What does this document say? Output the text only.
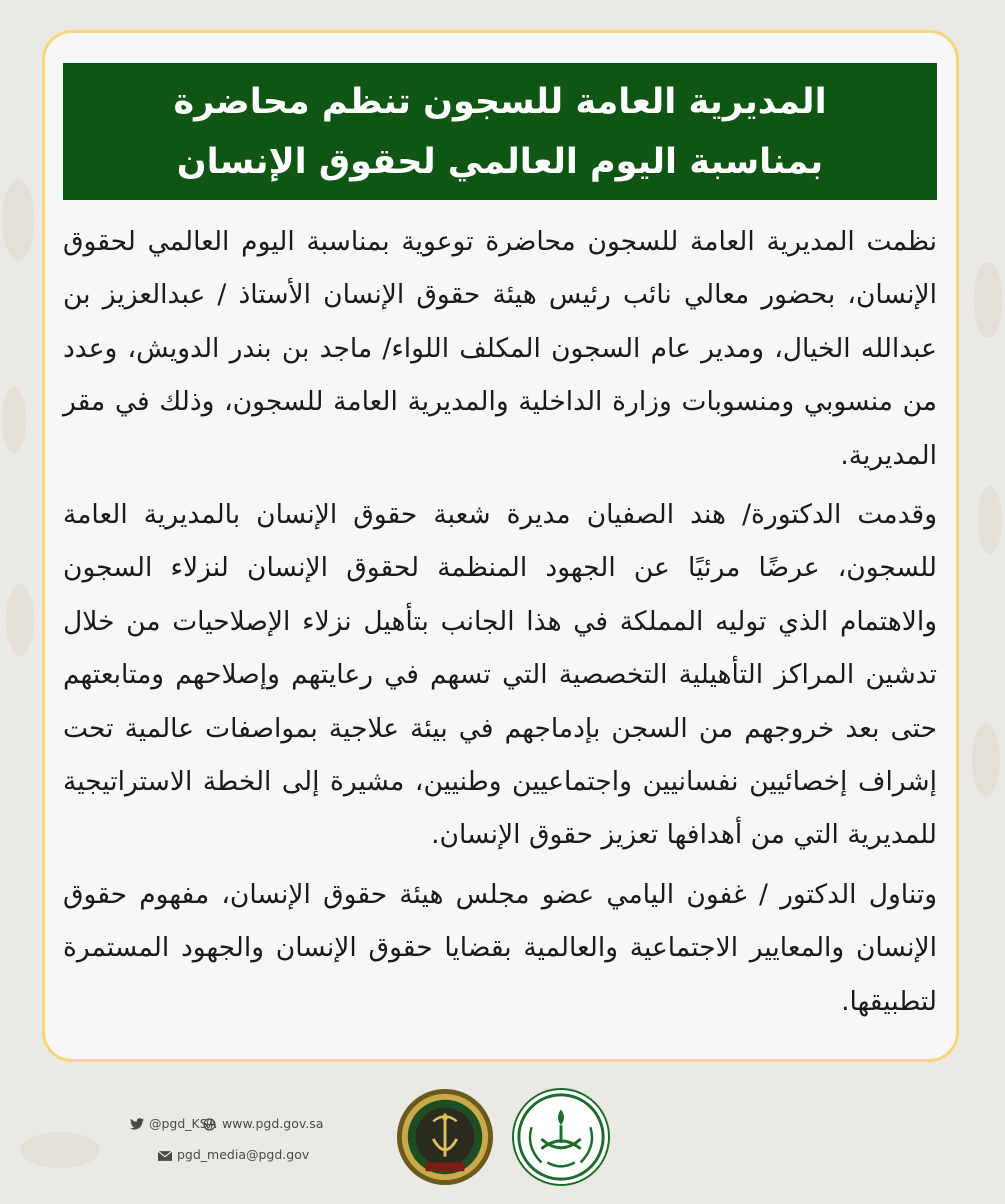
المديرية العامة للسجون تنظم محاضرة
بمناسبة اليوم العالمي لحقوق الإنسان

نظمت المديرية العامة للسجون محاضرة توعوية بمناسبة اليوم العالمي لحقوق الإنسان، بحضور معالي نائب رئيس هيئة حقوق الإنسان الأستاذ / عبدالعزيز بن عبدالله الخيال، ومدير عام السجون المكلف اللواء/ ماجد بن بندر الدويش، وعدد من منسوبي ومنسوبات وزارة الداخلية والمديرية العامة للسجون، وذلك في مقر المديرية.

وقدمت الدكتورة/ هند الصفيان مديرة شعبة حقوق الإنسان بالمديرية العامة للسجون، عرضًا مرئيًا عن الجهود المنظمة لحقوق الإنسان لنزلاء السجون والاهتمام الذي توليه المملكة في هذا الجانب بتأهيل نزلاء الإصلاحيات من خلال تدشين المراكز التأهيلية التخصصية التي تسهم في رعايتهم وإصلاحهم ومتابعتهم حتى بعد خروجهم من السجن بإدماجهم في بيئة علاجية بمواصفات عالمية تحت إشراف إخصائيين نفسانيين واجتماعيين وطنيين، مشيرة إلى الخطة الاستراتيجية للمديرية التي من أهدافها تعزيز حقوق الإنسان.

وتناول الدكتور / غفون اليامي عضو مجلس هيئة حقوق الإنسان، مفهوم حقوق الإنسان والمعايير الاجتماعية والعالمية بقضايا حقوق الإنسان والجهود المستمرة لتطبيقها.

@pgd_KSA www.pgd.gov.sa
pgd_media@pgd.gov
